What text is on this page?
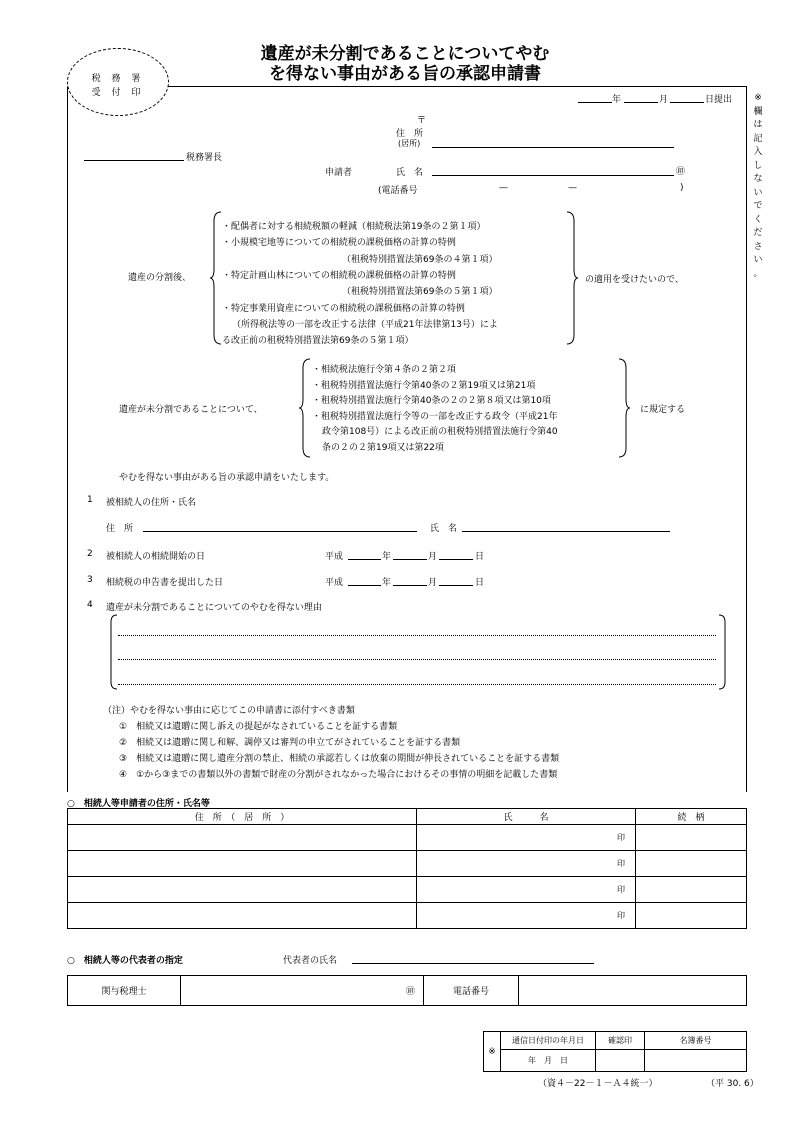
税 務 署
受 付 印
遺産が未分割であることについてやむ
を得ない事由がある旨の承認申請書
※
欄
は
記
入
し
な
い
で
く
だ
さ
い
。
年	月	日提出
〒
住　所
(居所)
税務署長
申請者	氏　名	㊞
(電話番号	—	—	)
遺産の分割後、
・配偶者に対する相続税額の軽減（相続税法第19条の２第１項）
・小規模宅地等についての相続税の課税価格の計算の特例
（租税特別措置法第69条の４第１項）
・特定計画山林についての相続税の課税価格の計算の特例
（租税特別措置法第69条の５第１項）
・特定事業用資産についての相続税の課税価格の計算の特例
（所得税法等の一部を改正する法律（平成21年法律第13号）によ
る改正前の租税特別措置法第69条の５第１項）
の適用を受けたいので、
遺産が未分割であることについて、
・相続税法施行令第４条の２第２項
・租税特別措置法施行令第40条の２第19項又は第21項
・租税特別措置法施行令第40条の２の２第８項又は第10項
・租税特別措置法施行令等の一部を改正する政令（平成21年
政令第108号）による改正前の租税特別措置法施行令第40
条の２の２第19項又は第22項
に規定する
やむを得ない事由がある旨の承認申請をいたします。
1 被相続人の住所・氏名
住　所	氏　名
2 被相続人の相続開始の日	平成	年	月	日
3 相続税の申告書を提出した日	平成	年	月	日
4 遺産が未分割であることについてのやむを得ない理由
（注）やむを得ない事由に応じてこの申請書に添付すべき書類
①　相続又は遺贈に関し訴えの提起がなされていることを証する書類
②　相続又は遺贈に関し和解、調停又は審判の申立てがされていることを証する書類
③　相続又は遺贈に関し遺産分割の禁止、相続の承認若しくは放棄の期間が伸長されていることを証する書類
④　①から③までの書類以外の書類で財産の分割がされなかった場合におけるその事情の明細を記載した書類
○　相続人等申請者の住所・氏名等
住　所　（　居　所　）	氏　　　名	続　柄
	印	
	印	
	印	
	印	
○　相続人等の代表者の指定	代表者の氏名
関与税理士	㊞	電話番号	
※	通信日付印の年月日	確認印	名簿番号
	年　月　日		
（資４－22－１－Ａ４統一）	（平 30. 6）
